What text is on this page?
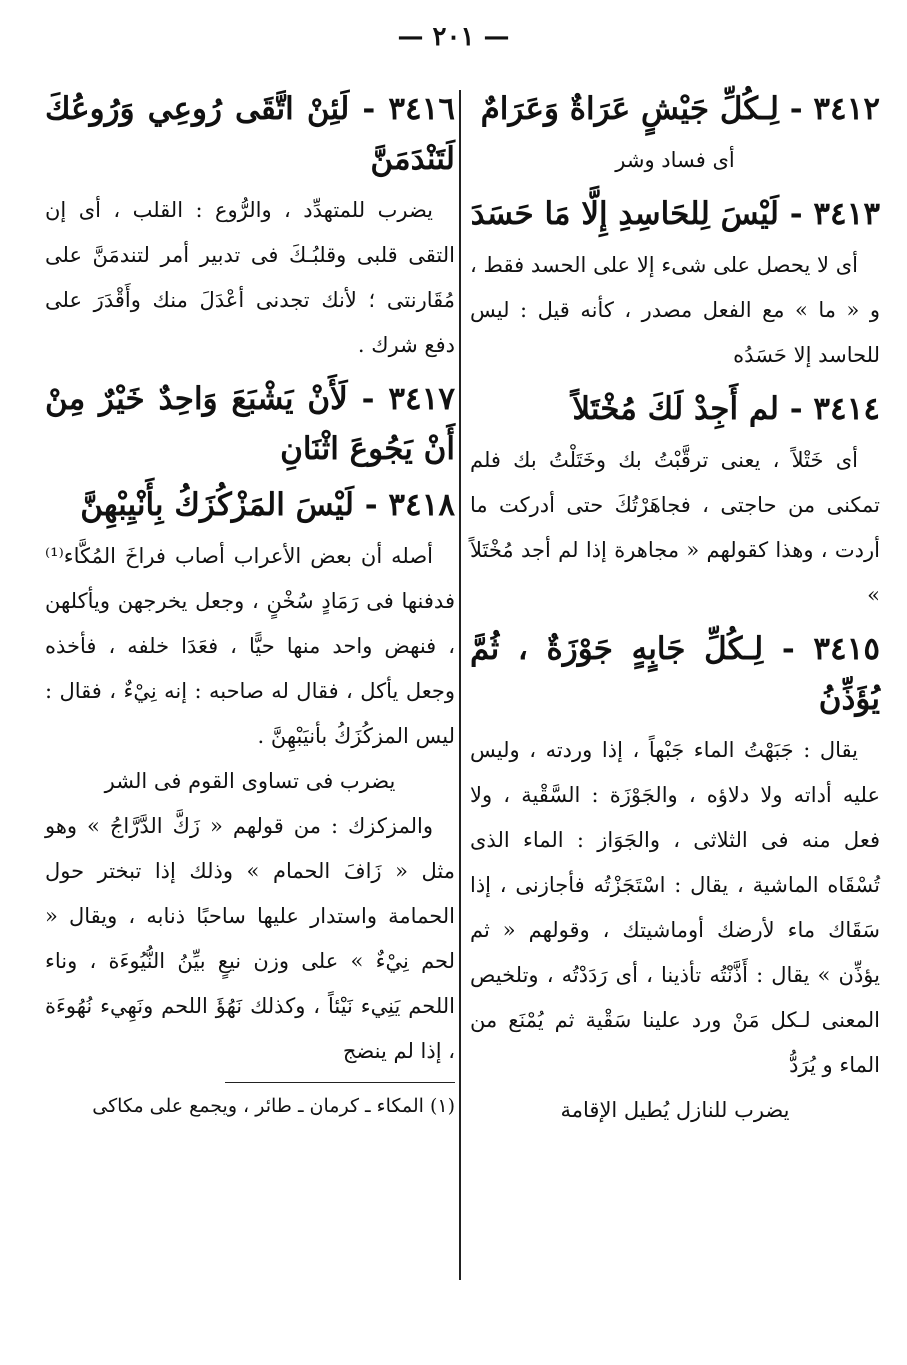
— ٢٠١ —
٣٤١٢ - لِـكُلِّ جَيْشٍ عَرَاةٌ وَعَرَامٌ

أى فساد وشر

٣٤١٣ - لَيْسَ لِلحَاسِدِ إِلَّا مَا حَسَدَ

أى لا يحصل على شىء إلا على الحسد فقط ، و « ما » مع الفعل مصدر ، كأنه قيل : ليس للحاسد إلا حَسَدُه

٣٤١٤ - لم أَجِدْ لَكَ مُخْتَلاً

أى خَتْلاً ، يعنى ترقَّبْتُ بك وخَتَلْتُ بك فلم تمكنى من حاجتى ، فجاهَرْتُكَ حتى أدركت ما أردت ، وهذا كقولهم « مجاهرة إذا لم أجد مُخْتَلاً »

٣٤١٥ - لِـكُلِّ جَابٍهٍ جَوْزَةٌ ، ثُمَّ يُؤَذِّنُ

يقال : جَبَهْتُ الماء جَبْهاً ، إذا وردته ، وليس عليه أداته ولا دلاؤه ، والجَوْزَة : السَّقْية ، ولا فعل منه فى الثلاثى ، والجَوَاز : الماء الذى تُسْقَاه الماشية ، يقال : اسْتَجَزْتُه فأجازنى ، إذا سَقَاك ماء لأرضك أوماشيتك ، وقولهم « ثم يؤذِّن » يقال : أَذَّنْتُه تأذينا ، أى رَدَدْتُه ، وتلخيص المعنى لـكل مَنْ ورد علينا سَقْية ثم يُمْنَع من الماء و يُرَدُّ

يضرب للنازل يُطيل الإقامة

٣٤١٦ - لَئِنْ اتَّقَى رُوعِي وَرُوعُكَ لَتَنْدَمَنَّ

يضرب للمتهدِّد ، والرُّوع : القلب ، أى إن التقى قلبى وقلبُـكَ فى تدبير أمر لتندمَنَّ على مُقَارنتى ؛ لأنك تجدنى أعْدَلَ منك وأَقْدَرَ على دفع شرك .

٣٤١٧ - لَأَنْ يَشْبَعَ وَاحِدٌ خَيْرٌ مِنْ أَنْ يَجُوعَ اثْنَانِ
٣٤١٨ - لَيْسَ المَزْكُزَكُ بِأَنْيِبْهِنَّ

أصله أن بعض الأعراب أصاب فراخَ المُكَّاء⁽¹⁾ فدفنها فى رَمَادٍ سُخْنٍ ، وجعل يخرجهن ويأكلهن ، فنهض واحد منها حيًّا ، فعَدَا خلفه ، فأخذه وجعل يأكل ، فقال له صاحبه : إنه نِيْءٌ ، فقال : ليس المزكُزَكُ بأنيَبْهِنَّ .

يضرب فى تساوى القوم فى الشر

والمزكزك : من قولهم « زَكَّ الدَّرَّاجُ » وهو مثل « زَافَ الحمام » وذلك إذا تبختر حول الحمامة واستدار عليها ساحبًا ذنابه ، ويقال « لحم نِيْءٌ » على وزن نيعٍ بيِّنُ النُّيُوءَة ، وناء اللحم يَنِيء نَيْئاً ، وكذلك نَهُؤَ اللحم ونَهِيء نُهُوءَة ، إذا لم ينضج

(١) المكاء ـ كرمان ـ طائر ، ويجمع على مكاكى
